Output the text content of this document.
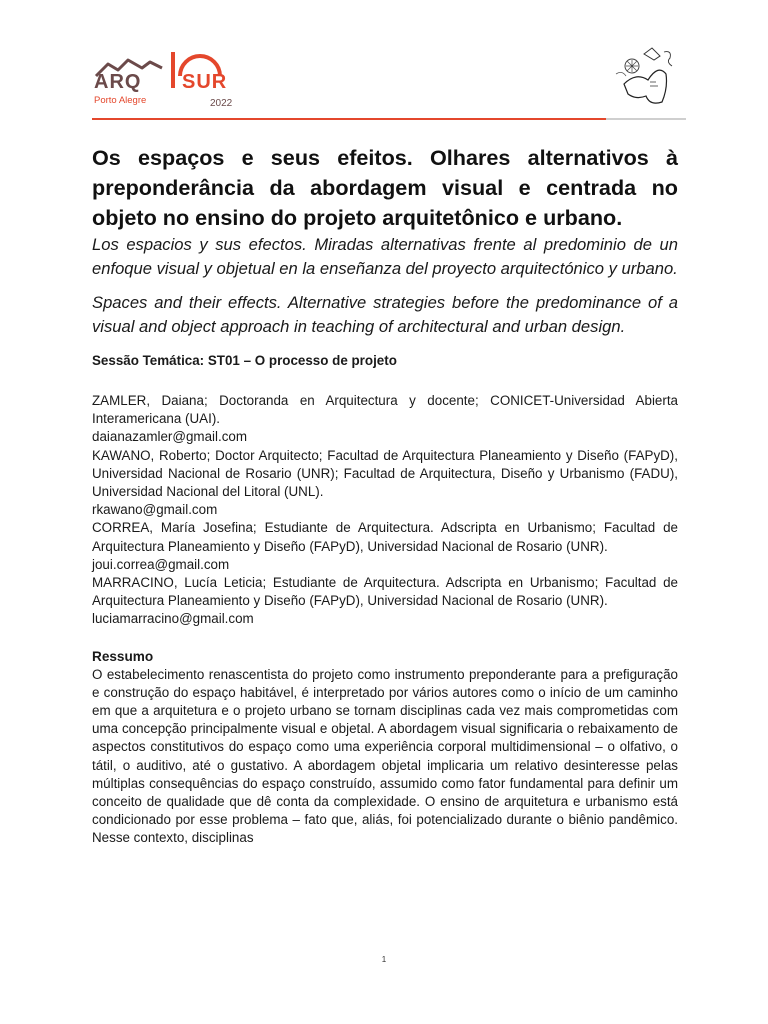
ARQ SUR
Porto Alegre	2022
Os espaços e seus efeitos. Olhares alternativos à preponderância da abordagem visual e centrada no objeto no ensino do projeto arquitetônico e urbano.

Los espacios y sus efectos. Miradas alternativas frente al predominio de un enfoque visual y objetual en la enseñanza del proyecto arquitectónico y urbano.

Spaces and their effects. Alternative strategies before the predominance of a visual and object approach in teaching of architectural and urban design.

Sessão Temática: ST01 – O processo de projeto

ZAMLER, Daiana; Doctoranda en Arquitectura y docente; CONICET-Universidad Abierta Interamericana (UAI).

daianazamler@gmail.com

KAWANO, Roberto; Doctor Arquitecto; Facultad de Arquitectura Planeamiento y Diseño (FAPyD), Universidad Nacional de Rosario (UNR); Facultad de Arquitectura, Diseño y Urbanismo (FADU), Universidad Nacional del Litoral (UNL).

rkawano@gmail.com

CORREA, María Josefina; Estudiante de Arquitectura. Adscripta en Urbanismo; Facultad de Arquitectura Planeamiento y Diseño (FAPyD), Universidad Nacional de Rosario (UNR).

joui.correa@gmail.com

MARRACINO, Lucía Leticia; Estudiante de Arquitectura. Adscripta en Urbanismo; Facultad de Arquitectura Planeamiento y Diseño (FAPyD), Universidad Nacional de Rosario (UNR).

luciamarracino@gmail.com

Ressumo

O estabelecimento renascentista do projeto como instrumento preponderante para a prefiguração e construção do espaço habitável, é interpretado por vários autores como o início de um caminho em que a arquitetura e o projeto urbano se tornam disciplinas cada vez mais comprometidas com uma concepção principalmente visual e objetal. A abordagem visual significaria o rebaixamento de aspectos constitutivos do espaço como uma experiência corporal multidimensional – o olfativo, o tátil, o auditivo, até o gustativo. A abordagem objetal implicaria um relativo desinteresse pelas múltiplas consequências do espaço construído, assumido como fator fundamental para definir um conceito de qualidade que dê conta da complexidade. O ensino de arquitetura e urbanismo está condicionado por esse problema – fato que, aliás, foi potencializado durante o biênio pandêmico. Nesse contexto, disciplinas

1
